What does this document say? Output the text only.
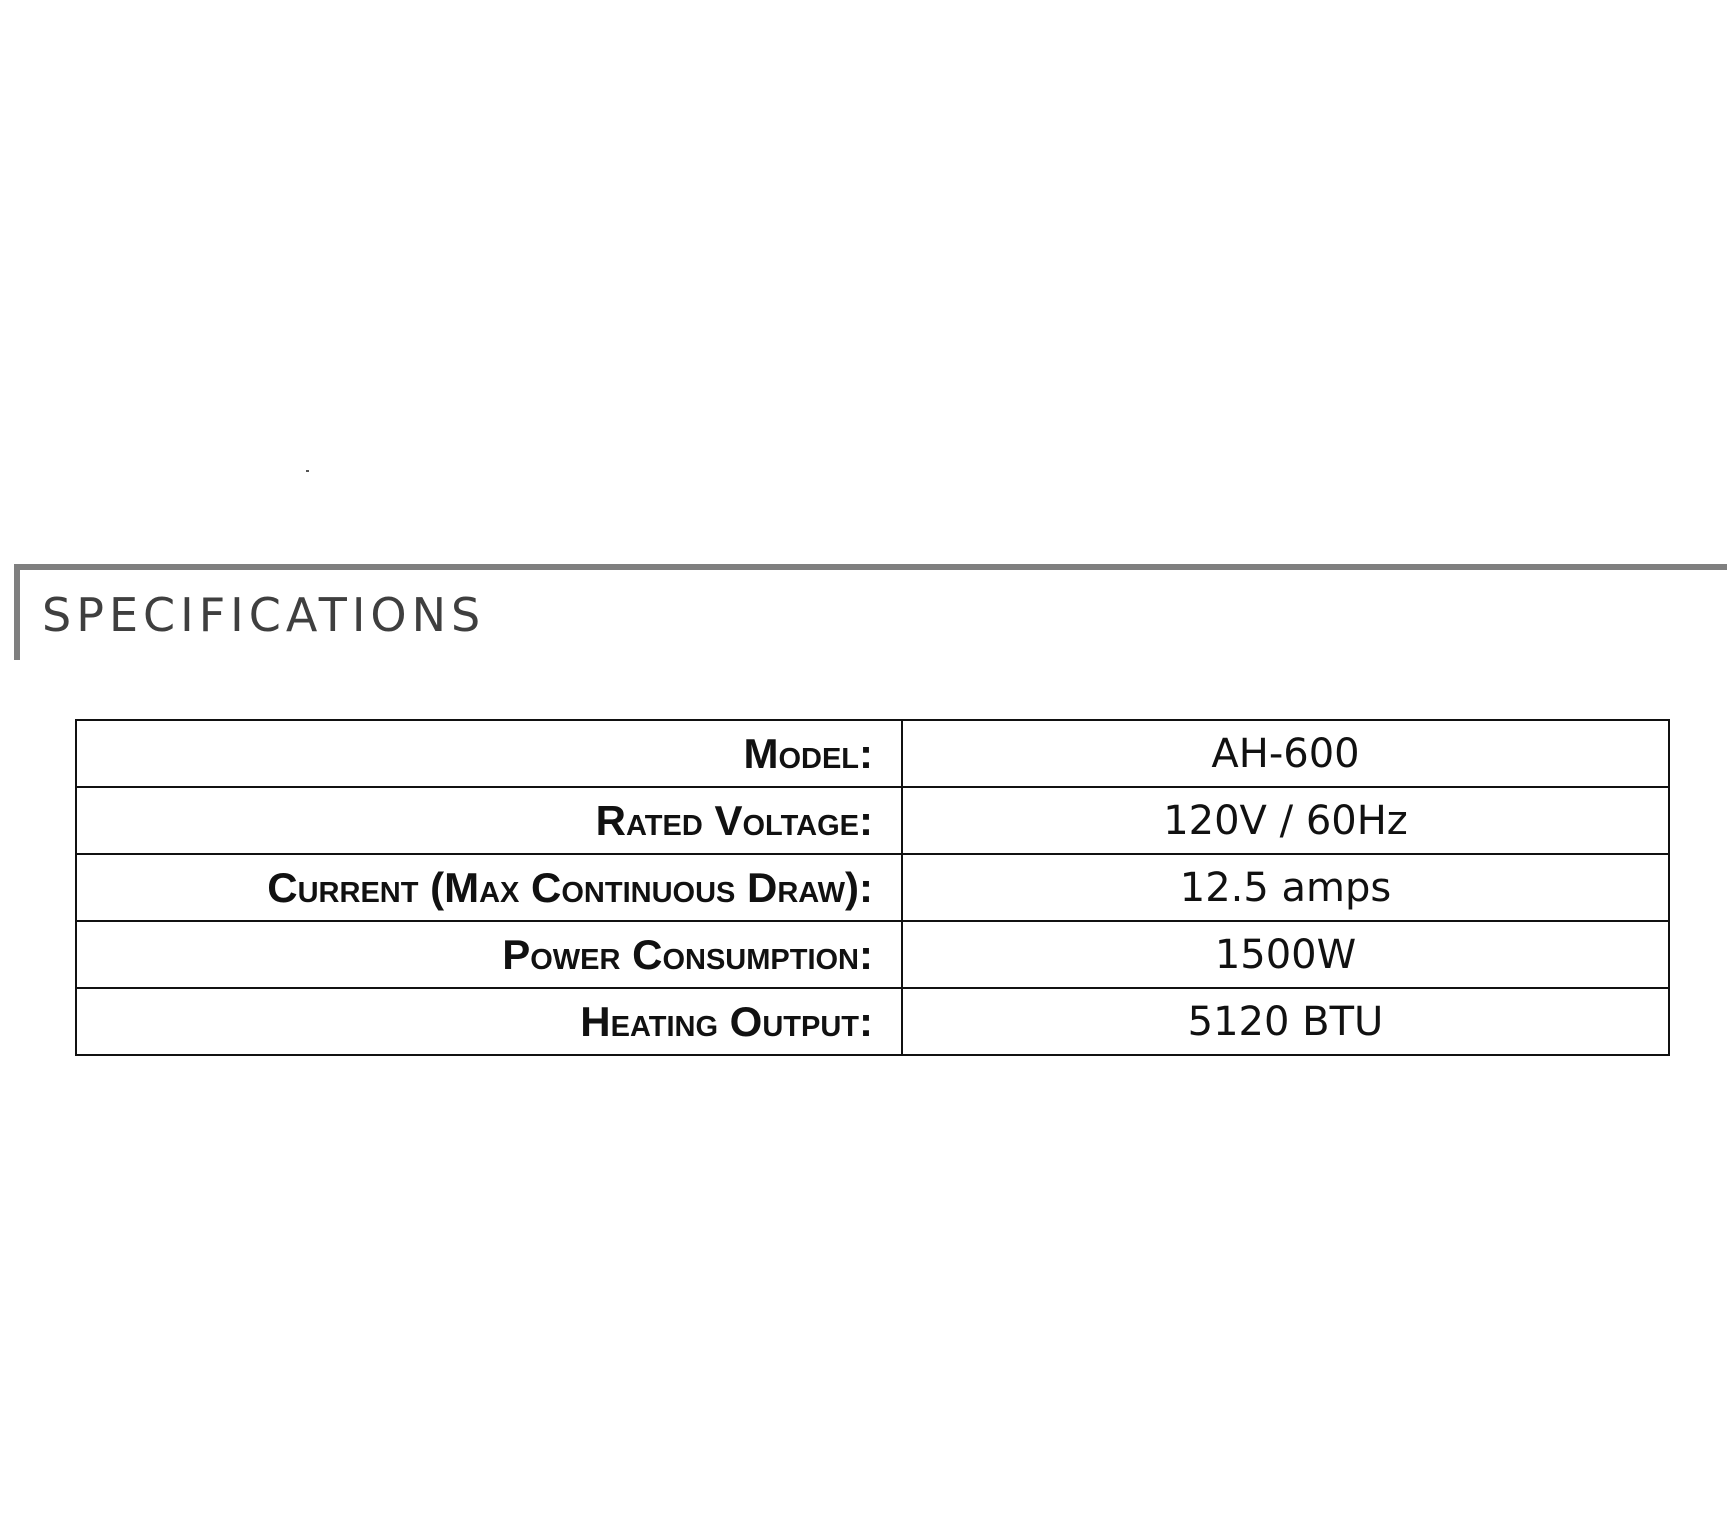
SPECIFICATIONS
Model:	AH-600
Rated Voltage:	120V / 60Hz
Current (Max Continuous Draw):	12.5 amps
Power Consumption:	1500W
Heating Output:	5120 BTU
